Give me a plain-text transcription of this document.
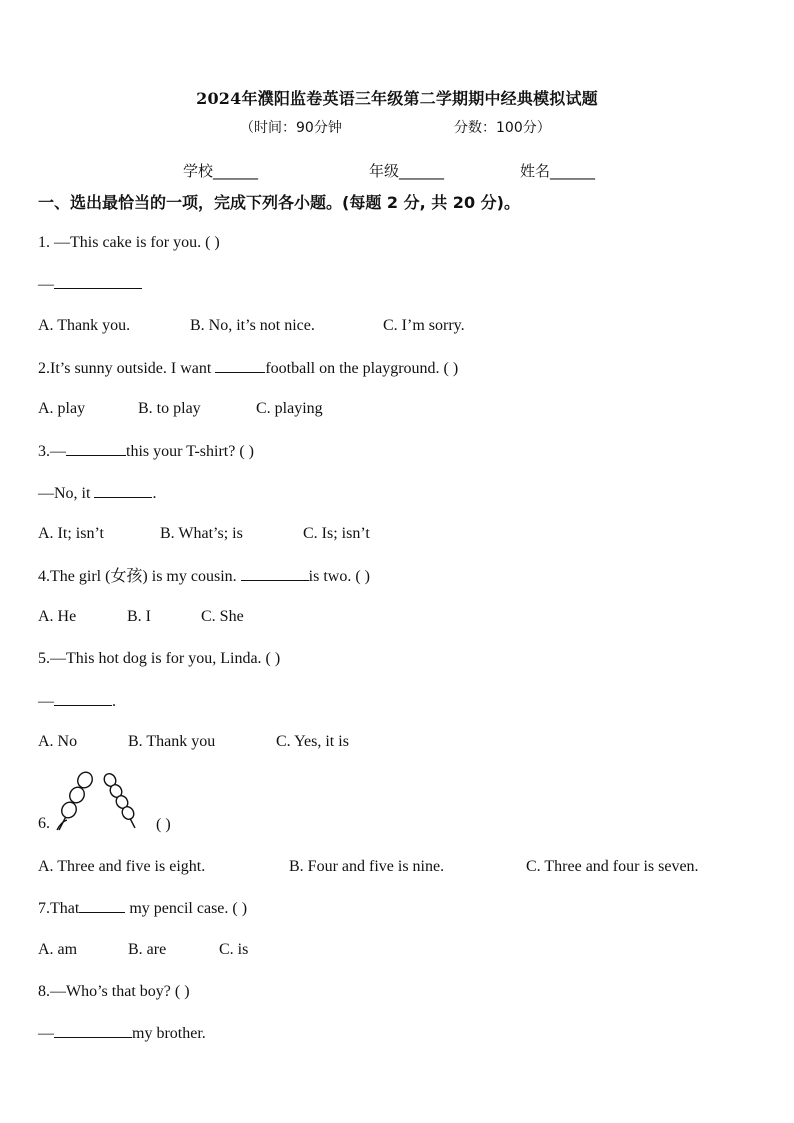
2024年濮阳监卷英语三年级第二学期期中经典模拟试题
（时间：90分钟	分数：100分）
学校______	年级______	姓名______
一、选出最恰当的一项，完成下列各小题。(每题 2 分, 共 20 分)。
1. —This cake is for you. ( )
—
A. Thank you.	B. No, it’s not nice.	C. I’m sorry.
2.It’s sunny outside. I want	football on the playground. ( )
A. play	B. to play	C. playing
3.—	this your T-shirt? ( )
—No, it	.
A. It; isn’t	B. What’s; is	C. Is; isn’t
4.The girl (女孩) is my cousin.	is two. ( )
A. He	B. I	C. She
5.—This hot dog is for you, Linda. ( )
—	.
A. No	B. Thank you	C. Yes, it is
6.	( )
A. Three and five is eight.	B. Four and five is nine.	C. Three and four is seven.
7.That	my pencil case. ( )
A. am	B. are	C. is
8.—Who’s that boy? ( )
—	my brother.
